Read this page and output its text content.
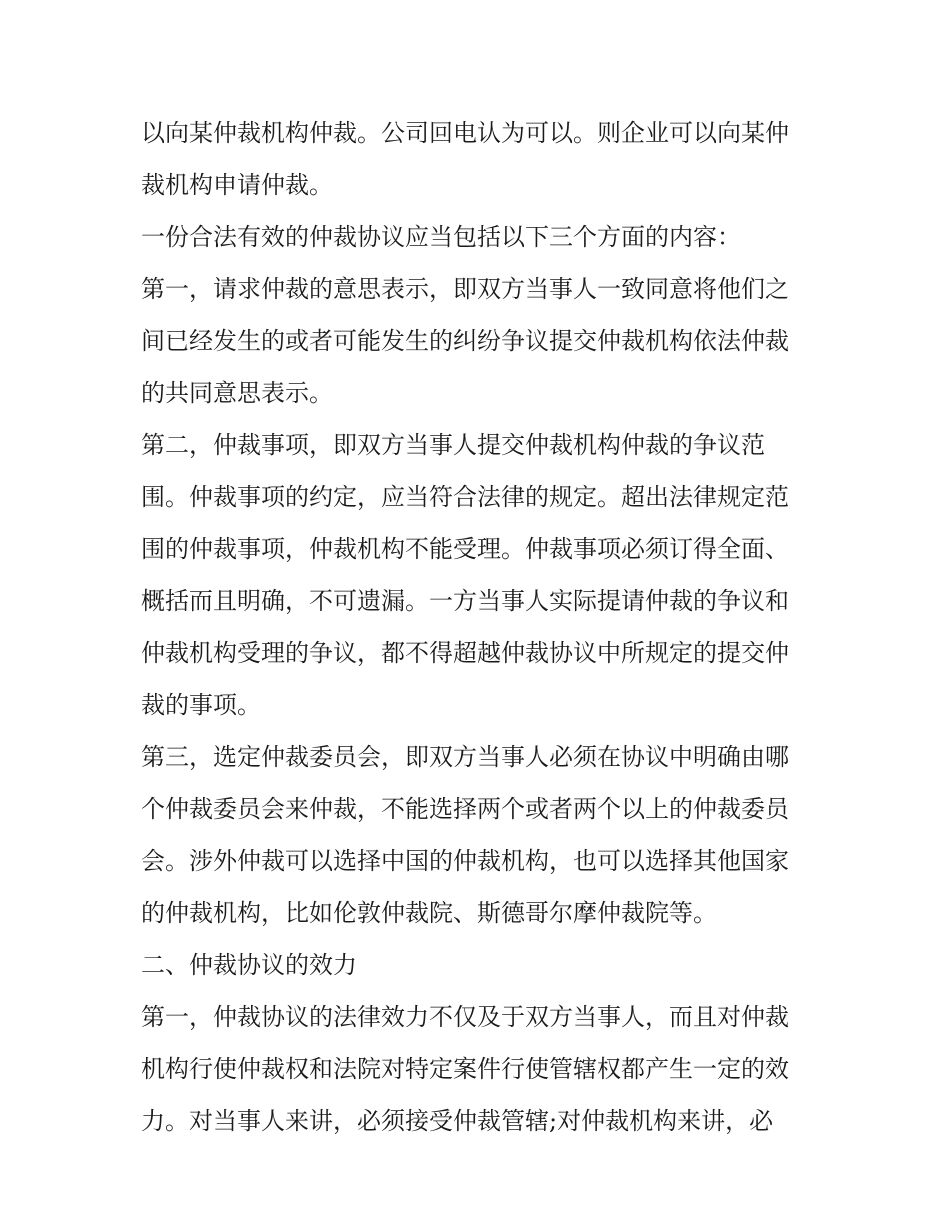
以向某仲裁机构仲裁。公司回电认为可以。则企业可以向某仲
裁机构申请仲裁。
一份合法有效的仲裁协议应当包括以下三个方面的内容：
第一，请求仲裁的意思表示，即双方当事人一致同意将他们之
间已经发生的或者可能发生的纠纷争议提交仲裁机构依法仲裁
的共同意思表示。
第二，仲裁事项，即双方当事人提交仲裁机构仲裁的争议范
围。仲裁事项的约定，应当符合法律的规定。超出法律规定范
围的仲裁事项，仲裁机构不能受理。仲裁事项必须订得全面、
概括而且明确，不可遗漏。一方当事人实际提请仲裁的争议和
仲裁机构受理的争议，都不得超越仲裁协议中所规定的提交仲
裁的事项。
第三，选定仲裁委员会，即双方当事人必须在协议中明确由哪
个仲裁委员会来仲裁，不能选择两个或者两个以上的仲裁委员
会。涉外仲裁可以选择中国的仲裁机构，也可以选择其他国家
的仲裁机构，比如伦敦仲裁院、斯德哥尔摩仲裁院等。
二、仲裁协议的效力
第一，仲裁协议的法律效力不仅及于双方当事人，而且对仲裁
机构行使仲裁权和法院对特定案件行使管辖权都产生一定的效
力。对当事人来讲，必须接受仲裁管辖;对仲裁机构来讲，必
